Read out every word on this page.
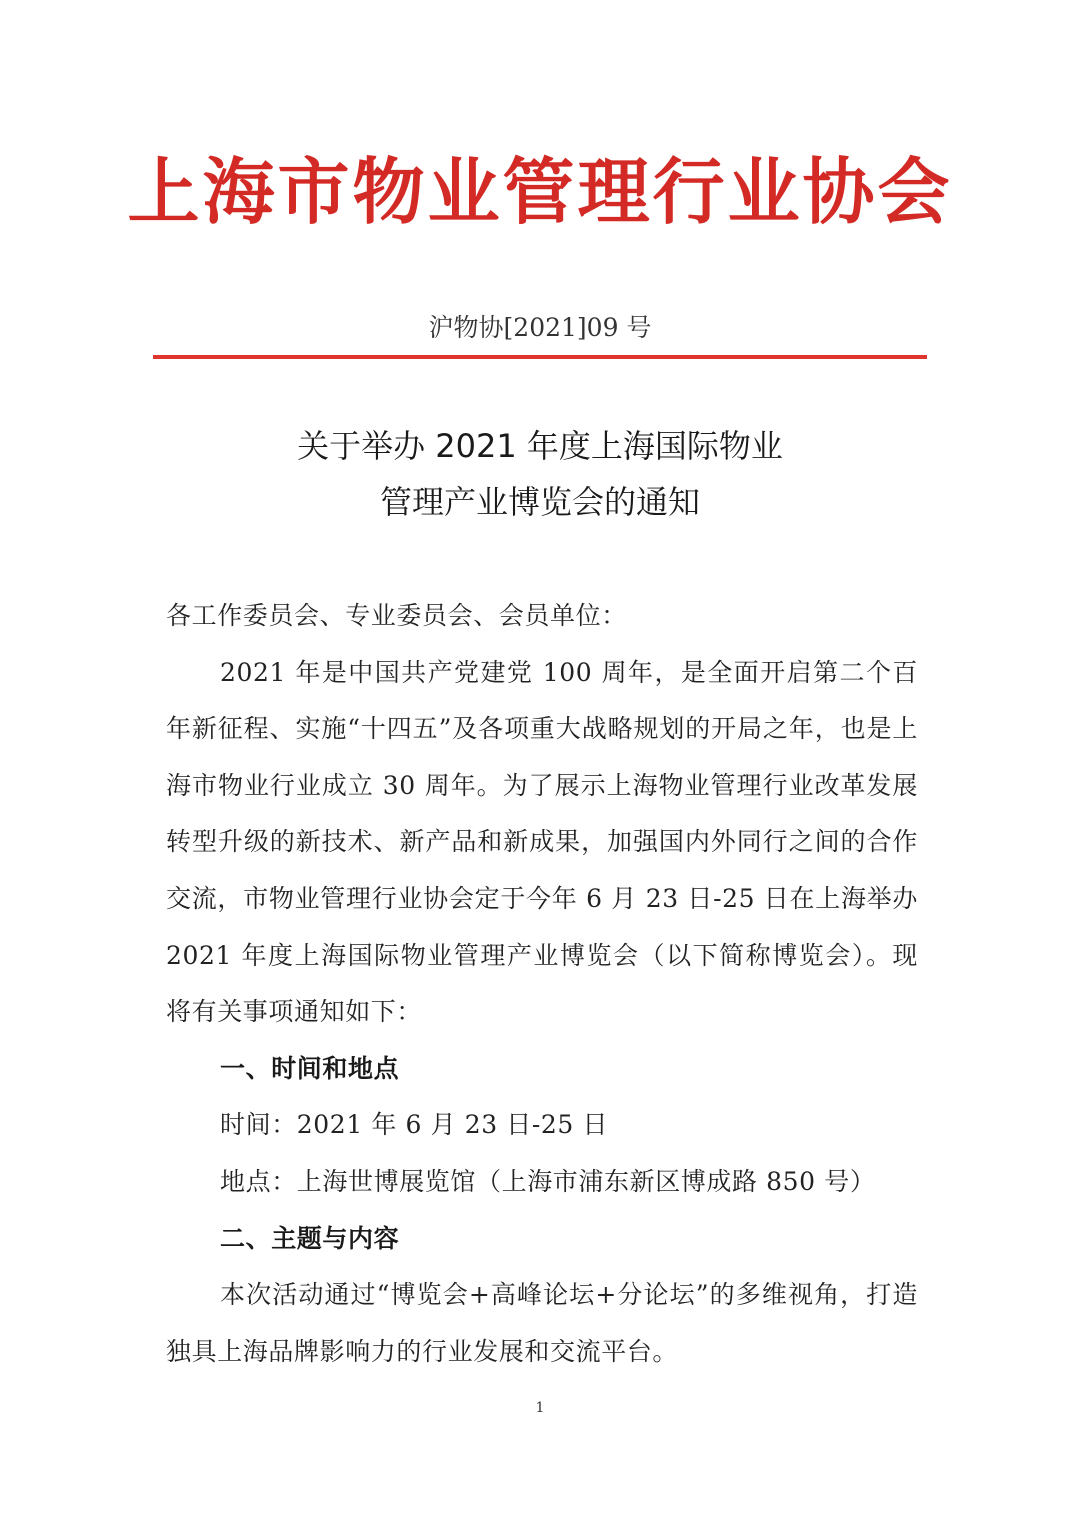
上海市物业管理行业协会
沪物协[2021]09 号
关于举办 2021 年度上海国际物业
管理产业博览会的通知

各工作委员会、专业委员会、会员单位：

2021 年是中国共产党建党 100 周年，是全面开启第二个百年新征程、实施“十四五”及各项重大战略规划的开局之年，也是上海市物业行业成立 30 周年。为了展示上海物业管理行业改革发展转型升级的新技术、新产品和新成果，加强国内外同行之间的合作交流，市物业管理行业协会定于今年 6 月 23 日-25 日在上海举办 2021 年度上海国际物业管理产业博览会（以下简称博览会）。现将有关事项通知如下：

一、时间和地点

时间：2021 年 6 月 23 日-25 日

地点：上海世博展览馆（上海市浦东新区博成路 850 号）

二、主题与内容

本次活动通过“博览会+高峰论坛+分论坛”的多维视角，打造独具上海品牌影响力的行业发展和交流平台。

1
